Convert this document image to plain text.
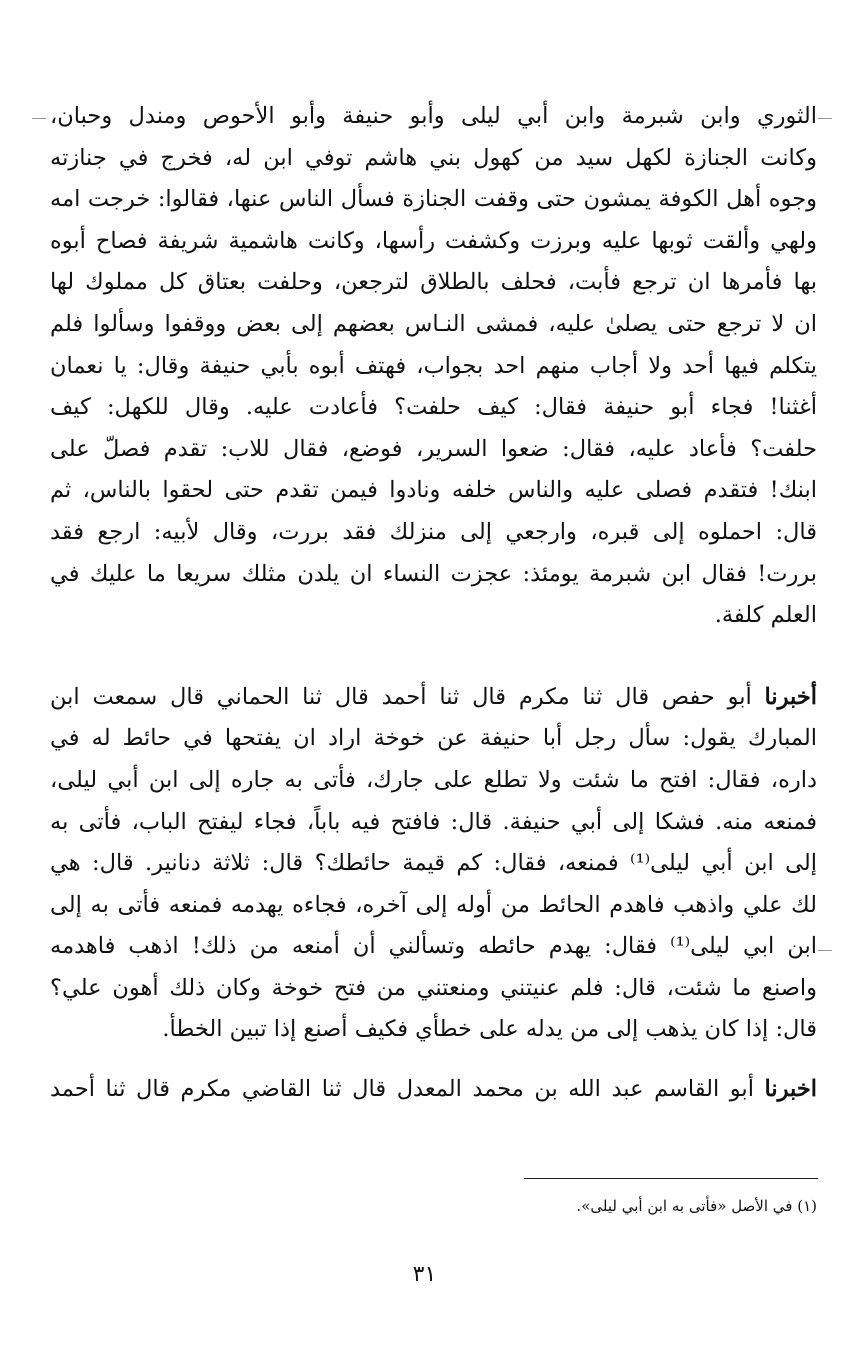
الثوري وابن شبرمة وابن أبي ليلى وأبو حنيفة وأبو الأحوص ومندل وحبان،
وكانت الجنازة لكهل سيد من كهول بني هاشم توفي ابن له، فخرج في جنازته
وجوه أهل الكوفة يمشون حتى وقفت الجنازة فسأل الناس عنها، فقالوا: خرجت امه
ولهي وألقت ثوبها عليه وبرزت وكشفت رأسها، وكانت هاشمية شريفة فصاح أبوه
بها فأمرها ان ترجع فأبت، فحلف بالطلاق لترجعن، وحلفت بعتاق كل مملوك لها
ان لا ترجع حتى يصلىٰ عليه، فمشى النـاس بعضهم إلى بعض ووقفوا وسألوا فلم
يتكلم فيها أحد ولا أجاب منهم احد بجواب، فهتف أبوه بأبي حنيفة وقال: يا نعمان
أغثنا! فجاء أبو حنيفة فقال: كيف حلفت؟ فأعادت عليه. وقال للكهل: كيف
حلفت؟ فأعاد عليه، فقال: ضعوا السرير، فوضع، فقال للاب: تقدم فصلّ على
ابنك! فتقدم فصلى عليه والناس خلفه ونادوا فيمن تقدم حتى لحقوا بالناس، ثم
قال: احملوه إلى قبره، وارجعي إلى منزلك فقد بررت، وقال لأبيه: ارجع فقد
بررت! فقال ابن شبرمة يومئذ: عجزت النساء ان يلدن مثلك سريعا ما عليك في
العلم كلفة.
أخبرنا أبو حفص قال ثنا مكرم قال ثنا أحمد قال ثنا الحماني قال سمعت ابن
المبارك يقول: سأل رجل أبا حنيفة عن خوخة اراد ان يفتحها في حائط له في
داره، فقال: افتح ما شئت ولا تطلع على جارك، فأتى به جاره إلى ابن أبي ليلى،
فمنعه منه. فشكا إلى أبي حنيفة. قال: فافتح فيه باباً، فجاء ليفتح الباب، فأتى به
إلى ابن أبي ليلى⁽¹⁾ فمنعه، فقال: كم قيمة حائطك؟ قال: ثلاثة دنانير. قال: هي
لك علي واذهب فاهدم الحائط من أوله إلى آخره، فجاءه يهدمه فمنعه فأتى به إلى
ابن ابي ليلى⁽¹⁾ فقال: يهدم حائطه وتسألني أن أمنعه من ذلك! اذهب فاهدمه
واصنع ما شئت، قال: فلم عنيتني ومنعتني من فتح خوخة وكان ذلك أهون علي؟
قال: إذا كان يذهب إلى من يدله على خطأي فكيف أصنع إذا تبين الخطأ.
اخبرنا أبو القاسم عبد الله بن محمد المعدل قال ثنا القاضي مكرم قال ثنا أحمد
(١) في الأصل «فأتى به ابن أبي ليلى».
٣١
